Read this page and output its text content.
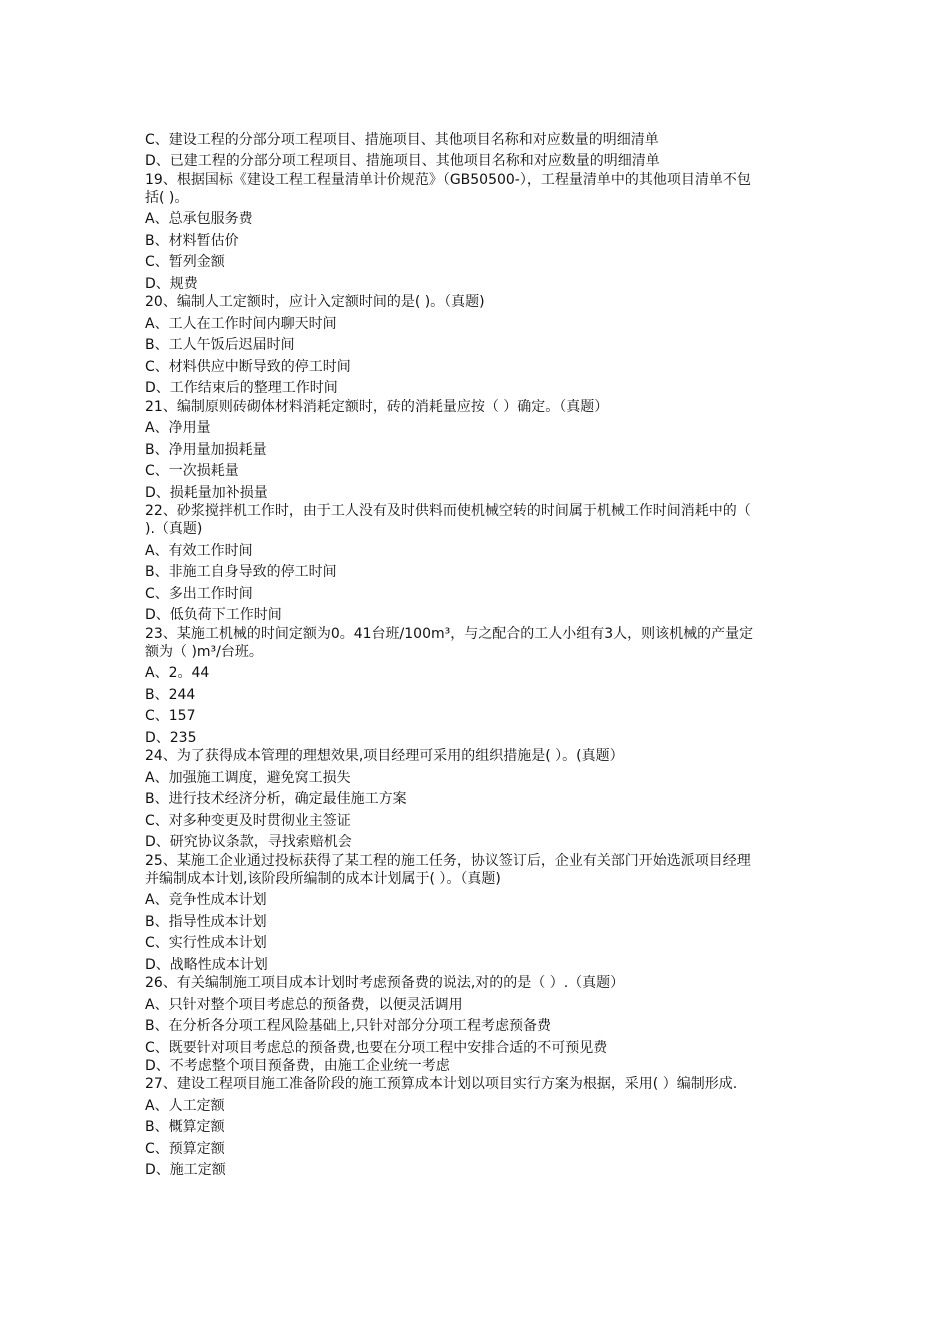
C、建设工程的分部分项工程项目、措施项目、其他项目名称和对应数量的明细清单
D、已建工程的分部分项工程项目、措施项目、其他项目名称和对应数量的明细清单
19、根据国标《建设工程工程量清单计价规范》（GB50500-），工程量清单中的其他项目清单不包
括( )。
A、总承包服务费
B、材料暂估价
C、暂列金额
D、规费
20、编制人工定额时，应计入定额时间的是( )。（真题)
A、工人在工作时间内聊天时间
B、工人午饭后迟届时间
C、材料供应中断导致的停工时间
D、工作结束后的整理工作时间
21、编制原则砖砌体材料消耗定额时，砖的消耗量应按（ ）确定。（真题）
A、净用量
B、净用量加损耗量
C、一次损耗量
D、损耗量加补损量
22、砂浆搅拌机工作时，由于工人没有及时供料而使机械空转的时间属于机械工作时间消耗中的（
).（真题)
A、有效工作时间
B、非施工自身导致的停工时间
C、多出工作时间
D、低负荷下工作时间
23、某施工机械的时间定额为0。41台班/100m³，与之配合的工人小组有3人，则该机械的产量定
额为（ )m³/台班。
A、2。44
B、244
C、157
D、235
24、为了获得成本管理的理想效果,项目经理可采用的组织措施是( ）。(真题）
A、加强施工调度，避免窝工损失
B、进行技术经济分析，确定最佳施工方案
C、对多种变更及时贯彻业主签证
D、研究协议条款，寻找索赔机会
25、某施工企业通过投标获得了某工程的施工任务，协议签订后，企业有关部门开始选派项目经理
并编制成本计划,该阶段所编制的成本计划属于( ）。（真题)
A、竞争性成本计划
B、指导性成本计划
C、实行性成本计划
D、战略性成本计划
26、有关编制施工项目成本计划时考虑预备费的说法,对的的是（ ）.（真题）
A、只针对整个项目考虑总的预备费，以便灵活调用
B、在分析各分项工程风险基础上,只针对部分分项工程考虑预备费
C、既要针对项目考虑总的预备费,也要在分项工程中安排合适的不可预见费
D、不考虑整个项目预备费，由施工企业统一考虑
27、建设工程项目施工准备阶段的施工预算成本计划以项目实行方案为根据，采用( ）编制形成.
A、人工定额
B、概算定额
C、预算定额
D、施工定额
